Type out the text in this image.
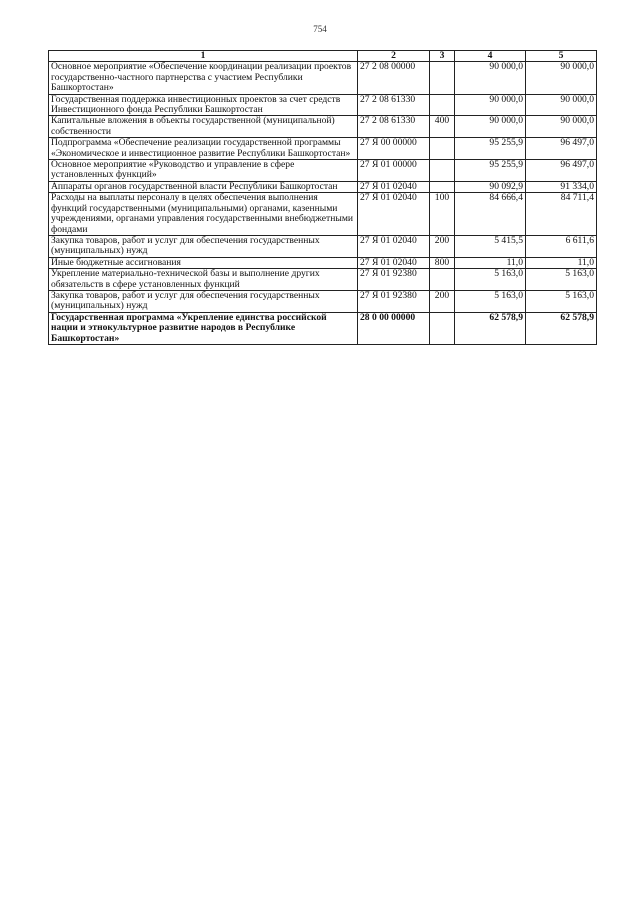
754
1	2	3	4	5
Основное мероприятие «Обеспечение координации реализации проектов государственно-частного партнерства с участием Республики Башкортостан»	27 2 08 00000		90 000,0	90 000,0
Государственная поддержка инвестиционных проектов за счет средств Инвестиционного фонда Республики Башкортостан	27 2 08 61330		90 000,0	90 000,0
Капитальные вложения в объекты государственной (муниципальной) собственности	27 2 08 61330	400	90 000,0	90 000,0
Подпрограмма «Обеспечение реализации государственной программы «Экономическое и инвестиционное развитие Республики Башкортостан»	27 Я 00 00000		95 255,9	96 497,0
Основное мероприятие «Руководство и управление в сфере установленных функций»	27 Я 01 00000		95 255,9	96 497,0
Аппараты органов государственной власти Республики Башкортостан	27 Я 01 02040		90 092,9	91 334,0
Расходы на выплаты персоналу в целях обеспечения выполнения функций государственными (муниципальными) органами, казенными учреждениями, органами управления государственными внебюджетными фондами	27 Я 01 02040	100	84 666,4	84 711,4
Закупка товаров, работ и услуг для обеспечения государственных (муниципальных) нужд	27 Я 01 02040	200	5 415,5	6 611,6
Иные бюджетные ассигнования	27 Я 01 02040	800	11,0	11,0
Укрепление материально-технической базы и выполнение других обязательств в сфере установленных функций	27 Я 01 92380		5 163,0	5 163,0
Закупка товаров, работ и услуг для обеспечения государственных (муниципальных) нужд	27 Я 01 92380	200	5 163,0	5 163,0
Государственная программа «Укрепление единства российской нации и этнокультурное развитие народов в Республике Башкортостан»	28 0 00 00000		62 578,9	62 578,9
